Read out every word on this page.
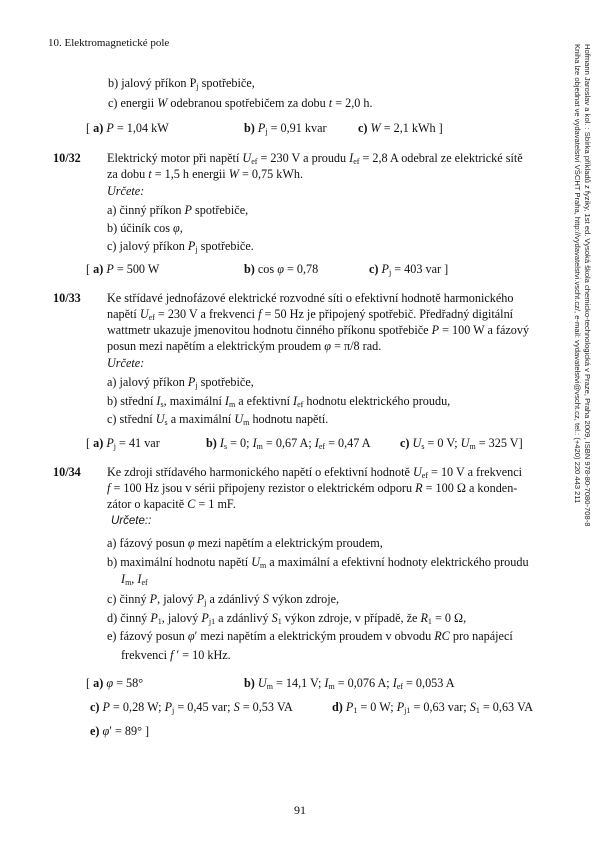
10. Elektromagnetické pole
Hofmann Jaroslav a kol. : Sbírka příkladů z fyziky, 1st ed. Vysoká škola chemicko-technologická v Praze, Praha 2009, ISBN 978-80-7080-708-8
Kniha lze objednat ve vydavatelství VŠCHT Praha, http://vydavatelstvi.vscht.cz/, e-mail: vydavatelstvi@vscht.cz, tel.: (+420) 220 443 211
b) jalový příkon $P_j$ spotřebiče,
c) energii W odebranou spotřebičem za dobu t = 2,0 h.
[ a) P = 1,04 kW	b) $P_j = 0,91$ kvar	c) W = 2,1 kWh ]
10/32 Elektrický motor při napětí $U_{ef} = 230$ V a proudu $I_{ef} = 2,8$ A odebral ze elektrické sítě
za dobu t = 1,5 h energii W = 0,75 kWh.
Určete:
a) činný příkon P spotřebiče,
b) účiník cos φ,
c) jalový příkon $P_j$ spotřebiče.
[ a) P = 500 W	b) cos φ = 0,78	c) $P_j = 403$ var ]
10/33 Ke střídavé jednofázové elektrické rozvodné síti o efektivní hodnotě harmonického
napětí $U_{ef} = 230$ V a frekvenci f = 50 Hz je připojený spotřebič. Předřadný digitální
wattmetr ukazuje jmenovitou hodnotu činného příkonu spotřebiče P = 100 W a fázový
posun mezi napětím a elektrickým proudem φ = π/8 rad.
Určete:
a) jalový příkon $P_j$ spotřebiče,
b) střední $I_s$, maximální $I_m$ a efektivní $I_{ef}$ hodnotu elektrického proudu,
c) střední $U_s$ a maximální $U_m$ hodnotu napětí.
[ a) $P_j = 41$ var	b) $I_s = 0$; $I_m = 0,67$ A; $I_{ef} = 0,47$ A c) $U_s = 0$ V; $U_m = 325$ V]
10/34 Ke zdroji střídavého harmonického napětí o efektivní hodnotě $U_{ef} = 10$ V a frekvenci
f = 100 Hz jsou v sérii připojeny rezistor o elektrickém odporu R = 100 Ω a konden-
zátor o kapacitě C = 1 mF.
Určete::
a) fázový posun φ mezi napětím a elektrickým proudem,
b) maximální hodnotu napětí $U_m$ a maximální a efektivní hodnoty elektrického proudu
$I_m$, $I_{ef}$
c) činný P, jalový $P_j$ a zdánlivý S výkon zdroje,
d) činný $P_1$, jalový $P_{j1}$ a zdánlivý $S_1$ výkon zdroje, v případě, že $R_1 = 0$ Ω,
e) fázový posun φ′ mezi napětím a elektrickým proudem v obvodu RC pro napájecí
frekvenci f ′ = 10 kHz.
[ a) φ = 58°	b) $U_m = 14,1$ V; $I_m = 0,076$ A; $I_{ef} = 0,053$ A
c) P = 0,28 W; $P_j = 0,45$ var; S = 0,53 VA	d) $P_1 = 0$ W; $P_{j1} = 0,63$ var; $S_1 = 0,63$ VA
e) φ′ = 89° ]
91
